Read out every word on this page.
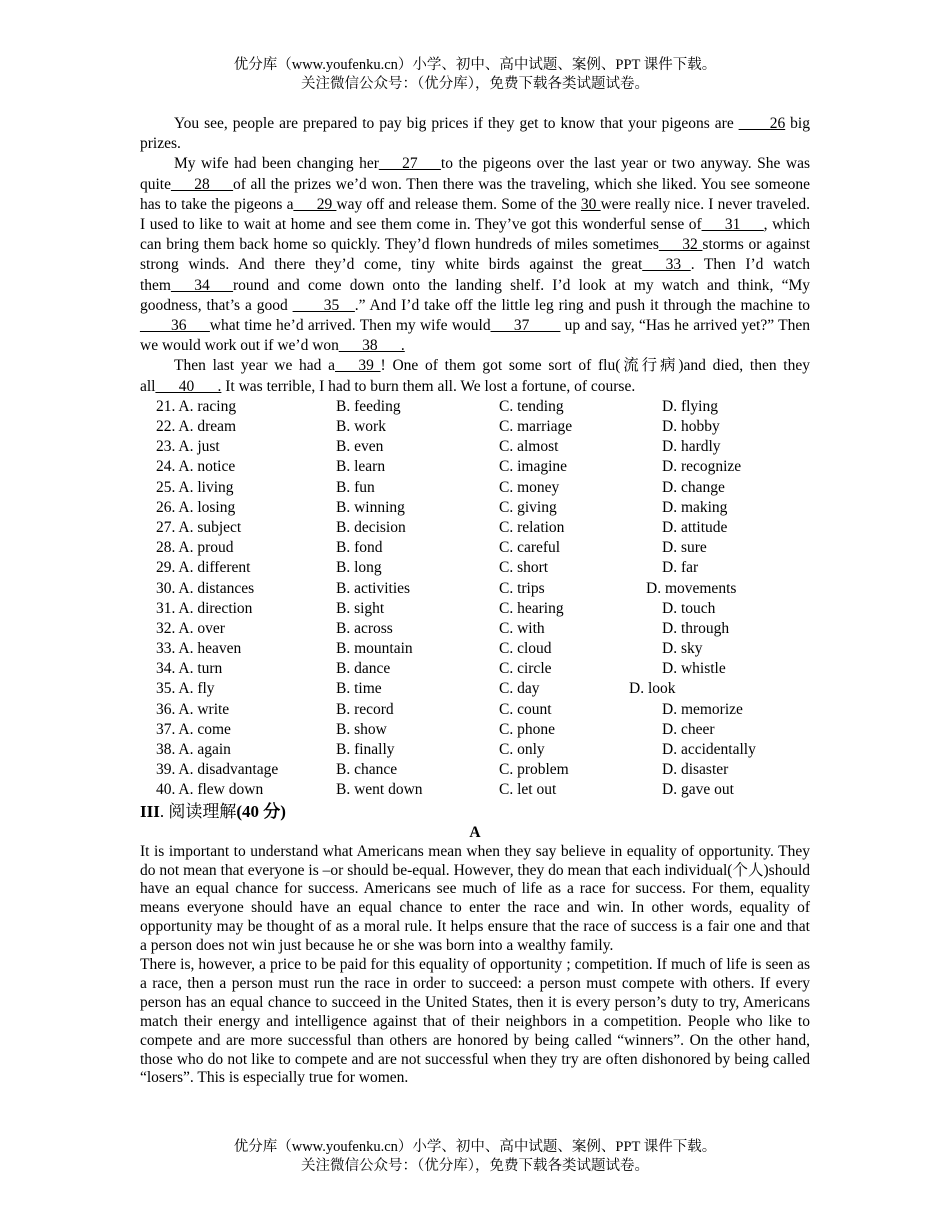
优分库（www.youfenku.cn）小学、初中、高中试题、案例、PPT 课件下载。
关注微信公众号：（优分库），免费下载各类试题试卷。

You see, people are prepared to pay big prices if they get to know that your pigeons are ____26 big prizes.

My wife had been changing her___27___to the pigeons over the last year or two anyway. She was quite___28___of all the prizes we’d won. Then there was the traveling, which she liked. You see someone has to take the pigeons a___29 way off and release them. Some of the 30 were really nice. I never traveled. I used to like to wait at home and see them come in. They’ve got this wonderful sense of___31___, which can bring them back home so quickly. They’d flown hundreds of miles sometimes___32 storms or against strong winds. And there they’d come, tiny white birds against the great___33 . Then I’d watch them___34___round and come down onto the landing shelf. I’d look at my watch and think, “My goodness, that’s a good ____35__.” And I’d take off the little leg ring and push it through the machine to ____36___what time he’d arrived. Then my wife would___37____ up and say, “Has he arrived yet?” Then we would work out if we’d won___38___.

Then last year we had a___39 ! One of them got some sort of flu(流行病)and died, then they all___40___. It was terrible, I had to burn them all. We lost a fortune, of course.

21. A. racing	B. feeding	C. tending	D. flying
22. A. dream	B. work	C. marriage	D. hobby
23. A. just	B. even	C. almost	D. hardly
24. A. notice	B. learn	C. imagine	D. recognize
25. A. living	B. fun	C. money	D. change
26. A. losing	B. winning	C. giving	D. making
27. A. subject	B. decision	C. relation	D. attitude
28. A. proud	B. fond	C. careful	D. sure
29. A. different	B. long	C. short	D. far
30. A. distances	B. activities	C. trips	D. movements
31. A. direction	B. sight	C. hearing	D. touch
32. A. over	B. across	C. with	D. through
33. A. heaven	B. mountain	C. cloud	D. sky
34. A. turn	B. dance	C. circle	D. whistle
35. A. fly	B. time	C. day	D. look
36. A. write	B. record	C. count	D. memorize
37. A. come	B. show	C. phone	D. cheer
38. A. again	B. finally	C. only	D. accidentally
39. A. disadvantage	B. chance	C. problem	D. disaster
40. A. flew down	B. went down	C. let out	D. gave out

III. 阅读理解(40 分)

A

It is important to understand what Americans mean when they say believe in equality of opportunity. They do not mean that everyone is –or should be-equal. However, they do mean that each individual(个人)should have an equal chance for success. Americans see much of life as a race for success. For them, equality means everyone should have an equal chance to enter the race and win. In other words, equality of opportunity may be thought of as a moral rule. It helps ensure that the race of success is a fair one and that a person does not win just because he or she was born into a wealthy family.

There is, however, a price to be paid for this equality of opportunity ; competition. If much of life is seen as a race, then a person must run the race in order to succeed: a person must compete with others. If every person has an equal chance to succeed in the United States, then it is every person’s duty to try, Americans match their energy and intelligence against that of their neighbors in a competition. People who like to compete and are more successful than others are honored by being called “winners”. On the other hand, those who do not like to compete and are not successful when they try are often dishonored by being called “losers”. This is especially true for women.

优分库（www.youfenku.cn）小学、初中、高中试题、案例、PPT 课件下载。
关注微信公众号：（优分库），免费下载各类试题试卷。
